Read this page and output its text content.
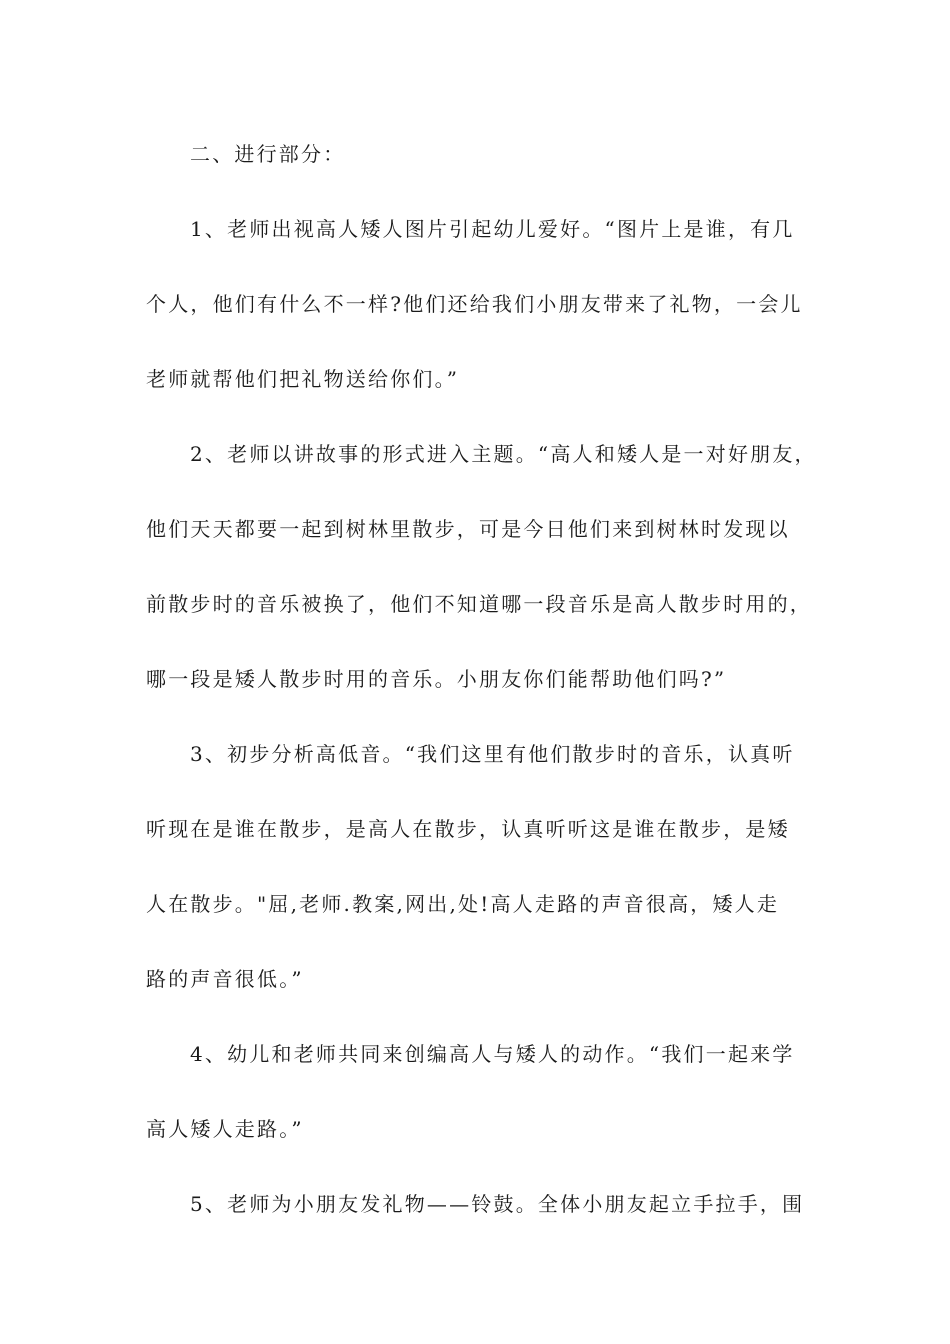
二、进行部分：
1、老师出视高人矮人图片引起幼儿爱好。“图片上是谁，有几
个人，他们有什么不一样?他们还给我们小朋友带来了礼物，一会儿
老师就帮他们把礼物送给你们。”
2、老师以讲故事的形式进入主题。“高人和矮人是一对好朋友，
他们天天都要一起到树林里散步，可是今日他们来到树林时发现以
前散步时的音乐被换了，他们不知道哪一段音乐是高人散步时用的，
哪一段是矮人散步时用的音乐。小朋友你们能帮助他们吗?”
3、初步分析高低音。“我们这里有他们散步时的音乐，认真听
听现在是谁在散步，是高人在散步，认真听听这是谁在散步，是矮
人在散步。"屈,老师.教案,网出,处!高人走路的声音很高，矮人走
路的声音很低。”
4、幼儿和老师共同来创编高人与矮人的动作。“我们一起来学
高人矮人走路。”
5、老师为小朋友发礼物——铃鼓。全体小朋友起立手拉手，围
